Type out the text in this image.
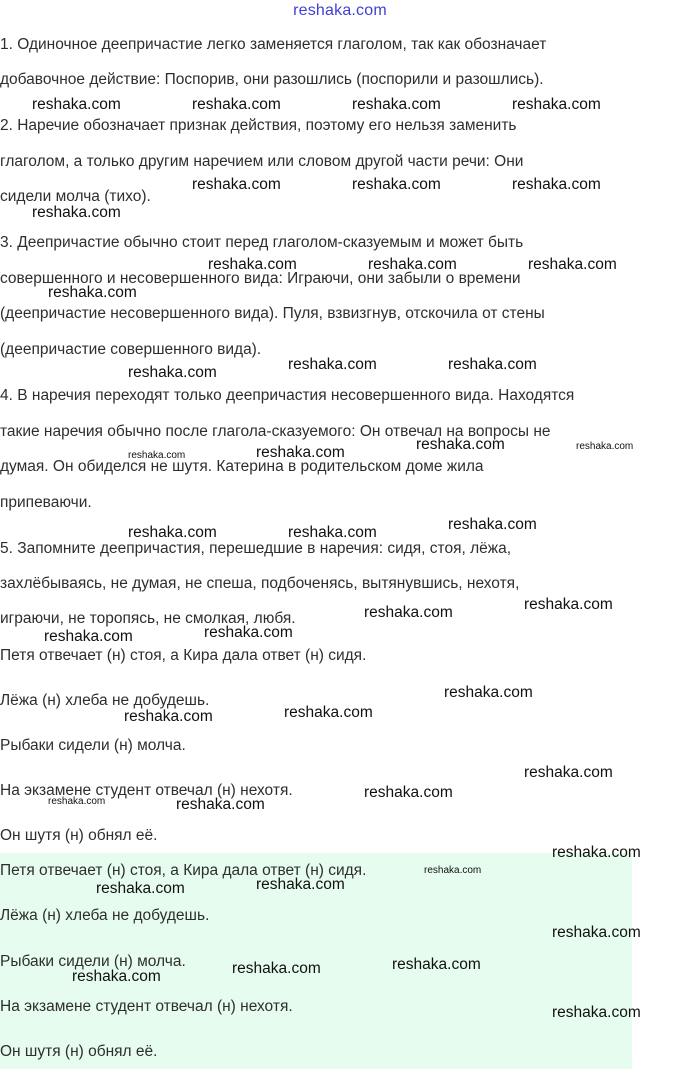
reshaka.com
1. Одиночное деепричастие легко заменяется глаголом, так как обозначает
добавочное действие: Поспорив, они разошлись (поспорили и разошлись).
2. Наречие обозначает признак действия, поэтому его нельзя заменить
глаголом, а только другим наречием или словом другой части речи: Они
сидели молча (тихо).
3. Деепричастие обычно стоит перед глаголом-сказуемым и может быть
совершенного и несовершенного вида: Играючи, они забыли о времени
(деепричастие несовершенного вида). Пуля, взвизгнув, отскочила от стены
(деепричастие совершенного вида).
4. В наречия переходят только деепричастия несовершенного вида. Находятся
такие наречия обычно после глагола-сказуемого: Он отвечал на вопросы не
думая. Он обиделся не шутя. Катерина в родительском доме жила
припеваючи.
5. Запомните деепричастия, перешедшие в наречия: сидя, стоя, лёжа,
захлёбываясь, не думая, не спеша, подбоченясь, вытянувшись, нехотя,
играючи, не торопясь, не смолкая, любя.
Петя отвечает (н) стоя, а Кира дала ответ (н) сидя.
Лёжа (н) хлеба не добудешь.
Рыбаки сидели (н) молча.
На экзамене студент отвечал (н) нехотя.
Он шутя (н) обнял её.
Петя отвечает (н) стоя, а Кира дала ответ (н) сидя.
Лёжа (н) хлеба не добудешь.
Рыбаки сидели (н) молча.
На экзамене студент отвечал (н) нехотя.
Он шутя (н) обнял её.
reshaka.com	reshaka.com	reshaka.com	reshaka.com
reshaka.com	reshaka.com	reshaka.com
reshaka.com
reshaka.com	reshaka.com	reshaka.com
reshaka.com
reshaka.com	reshaka.com	reshaka.com
reshaka.com	reshaka.com	reshaka.com	reshaka.com
reshaka.com	reshaka.com	reshaka.com
reshaka.com	reshaka.com
reshaka.com	reshaka.com
reshaka.com
reshaka.com	reshaka.com
reshaka.com
reshaka.com
reshaka.com	reshaka.com
reshaka.com
reshaka.com
reshaka.com	reshaka.com
reshaka.com
reshaka.com	reshaka.com
reshaka.com
reshaka.com
